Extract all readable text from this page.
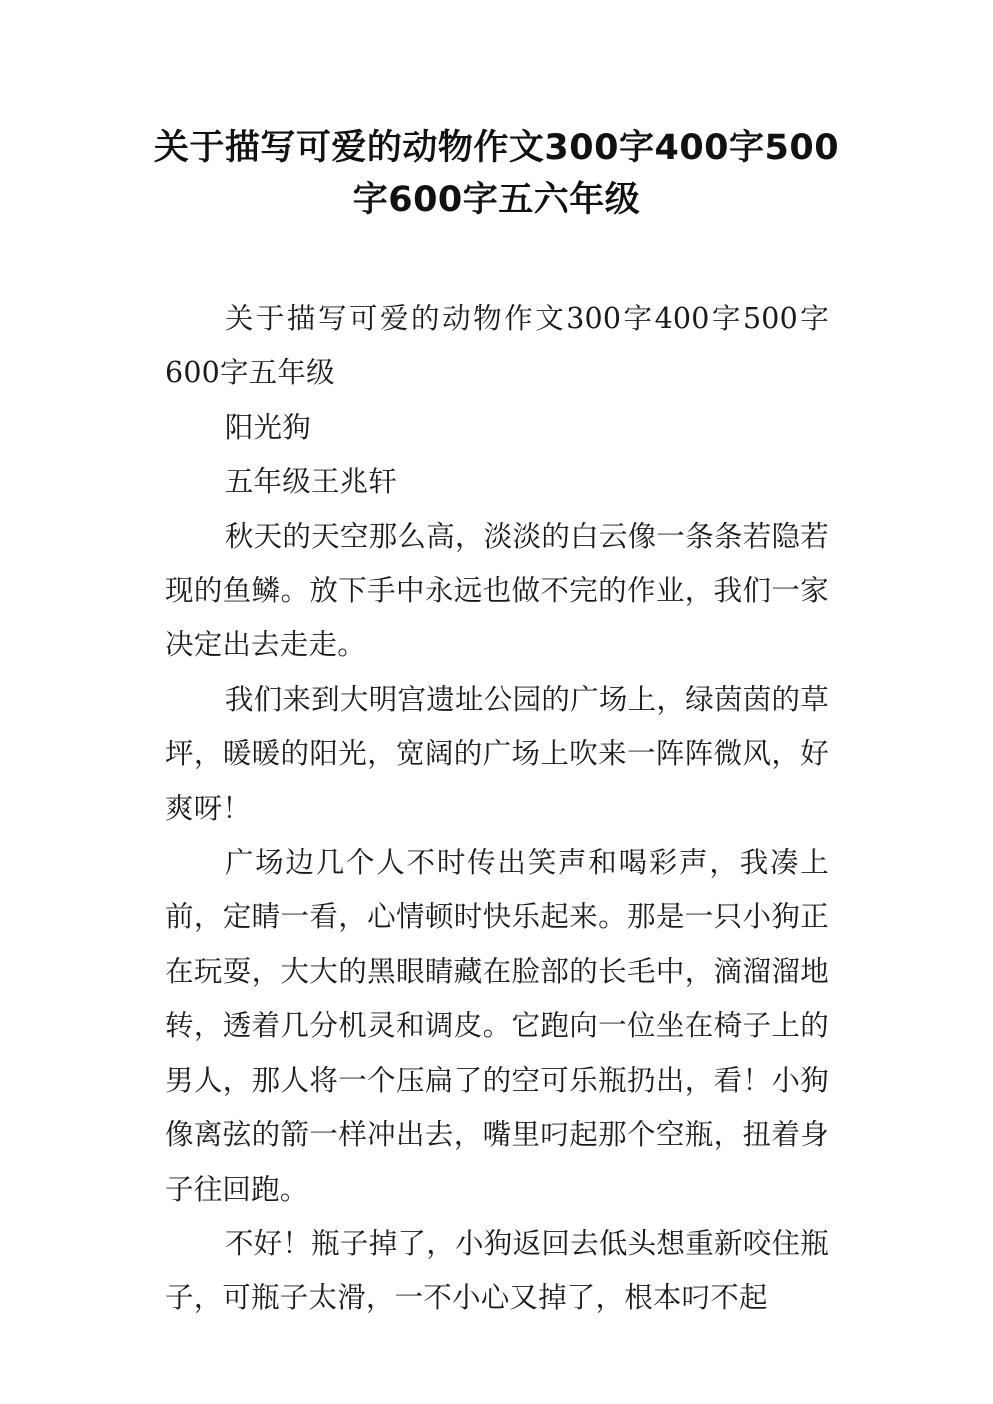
关于描写可爱的动物作文300字400字500字600字五六年级

关于描写可爱的动物作文300字400字500字600字五年级

阳光狗

五年级王兆轩

秋天的天空那么高，淡淡的白云像一条条若隐若现的鱼鳞。放下手中永远也做不完的作业，我们一家决定出去走走。

我们来到大明宫遗址公园的广场上，绿茵茵的草坪，暖暖的阳光，宽阔的广场上吹来一阵阵微风，好爽呀！

广场边几个人不时传出笑声和喝彩声，我凑上前，定睛一看，心情顿时快乐起来。那是一只小狗正在玩耍，大大的黑眼睛藏在脸部的长毛中，滴溜溜地转，透着几分机灵和调皮。它跑向一位坐在椅子上的男人，那人将一个压扁了的空可乐瓶扔出，看！小狗像离弦的箭一样冲出去，嘴里叼起那个空瓶，扭着身子往回跑。

不好！瓶子掉了，小狗返回去低头想重新咬住瓶子，可瓶子太滑，一不小心又掉了，根本叼不起
